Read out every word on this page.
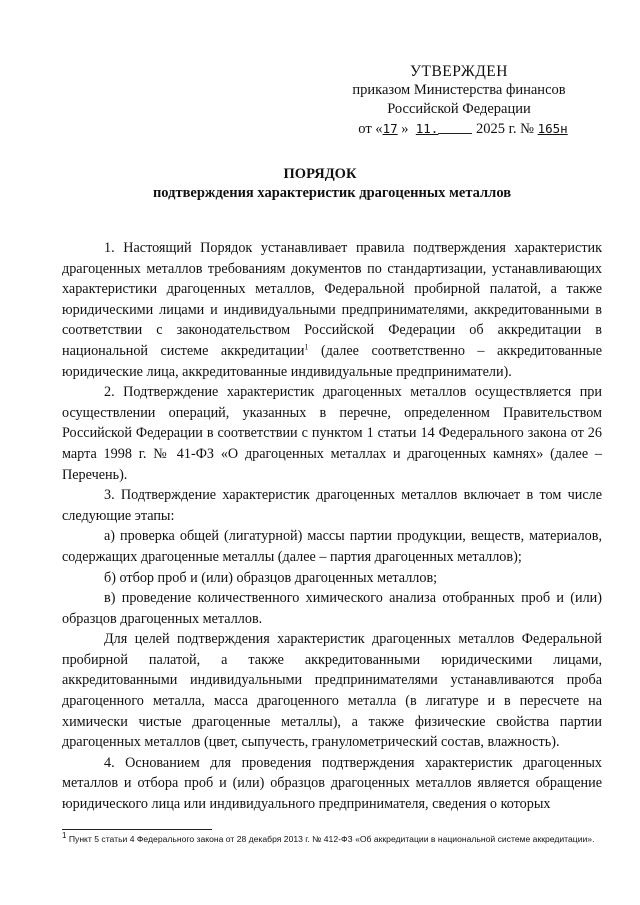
УТВЕРЖДЕН
приказом Министерства финансов
Российской Федерации
от «17 » 11.	2025 г. № 165н
ПОРЯДОК
подтверждения характеристик драгоценных металлов

1. Настоящий Порядок устанавливает правила подтверждения характеристик драгоценных металлов требованиям документов по стандартизации, устанавливающих характеристики драгоценных металлов, Федеральной пробирной палатой, а также юридическими лицами и индивидуальными предпринимателями, аккредитованными в соответствии с законодательством Российской Федерации об аккредитации в национальной системе аккредитации$^1$ (далее соответственно – аккредитованные юридические лица, аккредитованные индивидуальные предприниматели).

2. Подтверждение характеристик драгоценных металлов осуществляется при осуществлении операций, указанных в перечне, определенном Правительством Российской Федерации в соответствии с пунктом 1 статьи 14 Федерального закона от 26 марта 1998 г. № 41-ФЗ «О драгоценных металлах и драгоценных камнях» (далее – Перечень).

3. Подтверждение характеристик драгоценных металлов включает в том числе следующие этапы:

а) проверка общей (лигатурной) массы партии продукции, веществ, материалов, содержащих драгоценные металлы (далее – партия драгоценных металлов);

б) отбор проб и (или) образцов драгоценных металлов;

в) проведение количественного химического анализа отобранных проб и (или) образцов драгоценных металлов.

Для целей подтверждения характеристик драгоценных металлов Федеральной пробирной палатой, а также аккредитованными юридическими лицами, аккредитованными индивидуальными предпринимателями устанавливаются проба драгоценного металла, масса драгоценного металла (в лигатуре и в пересчете на химически чистые драгоценные металлы), а также физические свойства партии драгоценных металлов (цвет, сыпучесть, гранулометрический состав, влажность).

4. Основанием для проведения подтверждения характеристик драгоценных металлов и отбора проб и (или) образцов драгоценных металлов является обращение юридического лица или индивидуального предпринимателя, сведения о которых

$^1$ Пункт 5 статьи 4 Федерального закона от 28 декабря 2013 г. № 412-ФЗ «Об аккредитации в национальной системе аккредитации».
